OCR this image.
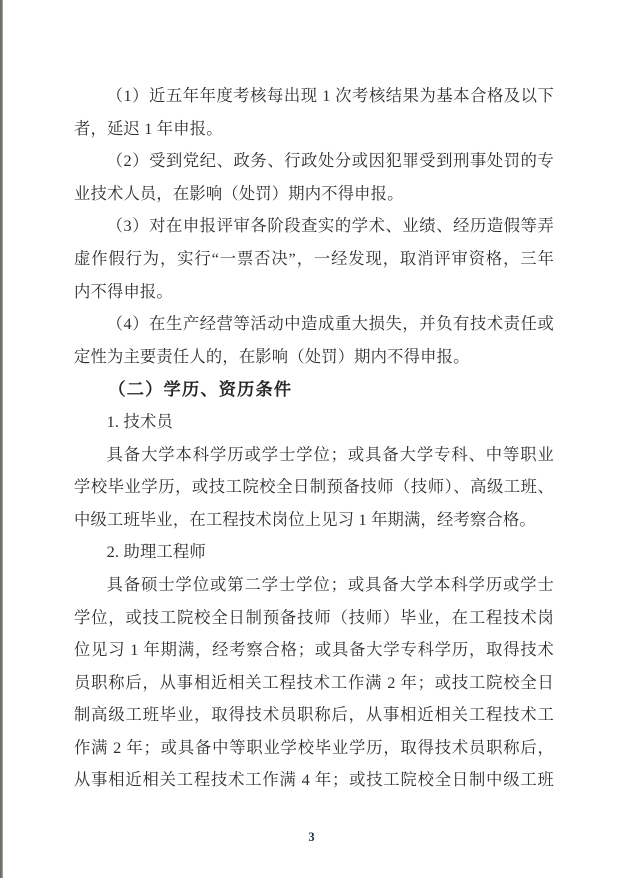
（1）近五年年度考核每出现 1 次考核结果为基本合格及以下
者，延迟 1 年申报。
（2）受到党纪、政务、行政处分或因犯罪受到刑事处罚的专
业技术人员，在影响（处罚）期内不得申报。
（3）对在申报评审各阶段查实的学术、业绩、经历造假等弄
虚作假行为，实行“一票否决”，一经发现，取消评审资格，三年
内不得申报。
（4）在生产经营等活动中造成重大损失，并负有技术责任或
定性为主要责任人的，在影响（处罚）期内不得申报。
（二）学历、资历条件
1. 技术员
具备大学本科学历或学士学位；或具备大学专科、中等职业
学校毕业学历，或技工院校全日制预备技师（技师）、高级工班、
中级工班毕业，在工程技术岗位上见习 1 年期满，经考察合格。
2. 助理工程师
具备硕士学位或第二学士学位；或具备大学本科学历或学士
学位，或技工院校全日制预备技师（技师）毕业，在工程技术岗
位见习 1 年期满，经考察合格；或具备大学专科学历，取得技术
员职称后，从事相近相关工程技术工作满 2 年；或技工院校全日
制高级工班毕业，取得技术员职称后，从事相近相关工程技术工
作满 2 年；或具备中等职业学校毕业学历，取得技术员职称后，
从事相近相关工程技术工作满 4 年；或技工院校全日制中级工班
3
